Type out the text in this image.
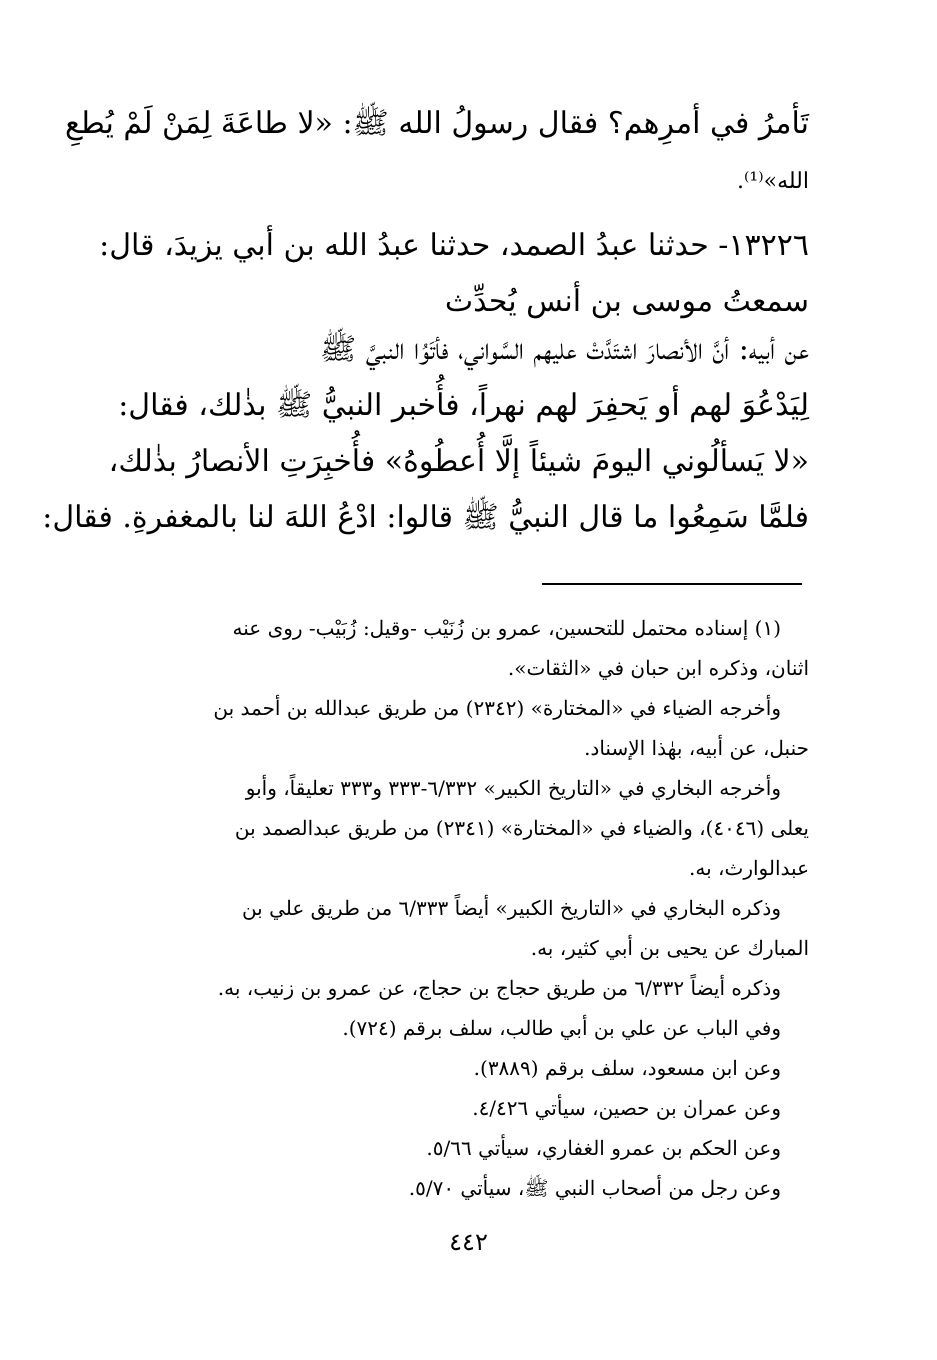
تَأمرُ في أمرِهم؟ فقال رسولُ الله ﷺ: «لا طاعَةَ لِمَنْ لَمْ يُطعِ
الله»⁽¹⁾.
١٣٢٢٦- حدثنا عبدُ الصمد، حدثنا عبدُ الله بن أبي يزيدَ، قال:
سمعتُ موسى بن أنس يُحدِّث
عن أبيه: أنَّ الأنصارَ اشتَدَّتْ عليهم السَّواني، فأتَوُا النبيَّ ﷺ
لِيَدْعُوَ لهم أو يَحفِرَ لهم نهراً، فأُخبر النبيُّ ﷺ بذٰلك، فقال:
«لا يَسألُوني اليومَ شيئاً إلَّا أُعطُوهُ» فأُخبِرَتِ الأنصارُ بذٰلك،
فلمَّا سَمِعُوا ما قال النبيُّ ﷺ قالوا: ادْعُ اللهَ لنا بالمغفرةِ. فقال:
(١) إسناده محتمل للتحسين، عمرو بن زُنَيْب -وقيل: زُبَيْب- روى عنه
اثنان، وذكره ابن حبان في «الثقات».
وأخرجه الضياء في «المختارة» (٢٣٤٢) من طريق عبدالله بن أحمد بن
حنبل، عن أبيه، بهٰذا الإسناد.
وأخرجه البخاري في «التاريخ الكبير» ٦/٣٣٢-٣٣٣ و٣٣٣ تعليقاً، وأبو
يعلى (٤٠٤٦)، والضياء في «المختارة» (٢٣٤١) من طريق عبدالصمد بن
عبدالوارث، به.
وذكره البخاري في «التاريخ الكبير» أيضاً ٦/٣٣٣ من طريق علي بن
المبارك عن يحيى بن أبي كثير، به.
وذكره أيضاً ٦/٣٣٢ من طريق حجاج بن حجاج، عن عمرو بن زنيب، به.
وفي الباب عن علي بن أبي طالب، سلف برقم (٧٢٤).
وعن ابن مسعود، سلف برقم (٣٨٨٩).
وعن عمران بن حصين، سيأتي ٤/٤٢٦.
وعن الحكم بن عمرو الغفاري، سيأتي ٥/٦٦.
وعن رجل من أصحاب النبي ﷺ، سيأتي ٥/٧٠.
٤٤٢
